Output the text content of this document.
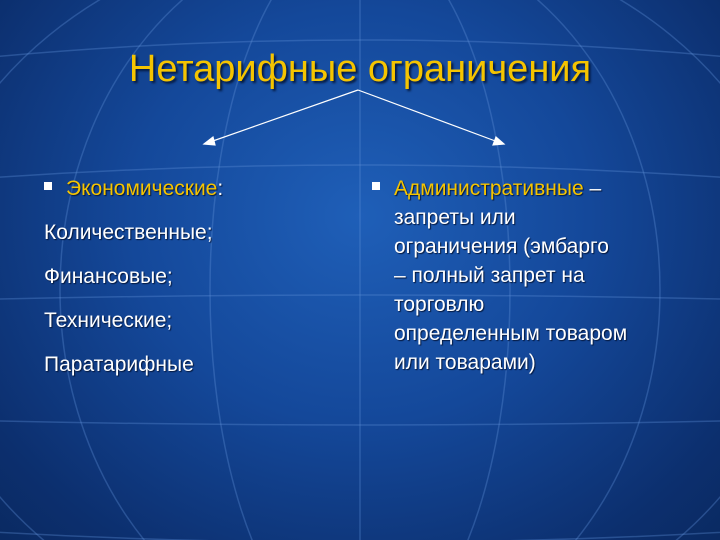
Нетарифные ограничения
Экономические:
Количественные;
Финансовые;
Технические;
Паратарифные
Административные –
запреты или
ограничения (эмбарго
– полный запрет на
торговлю
определенным товаром
или товарами)
